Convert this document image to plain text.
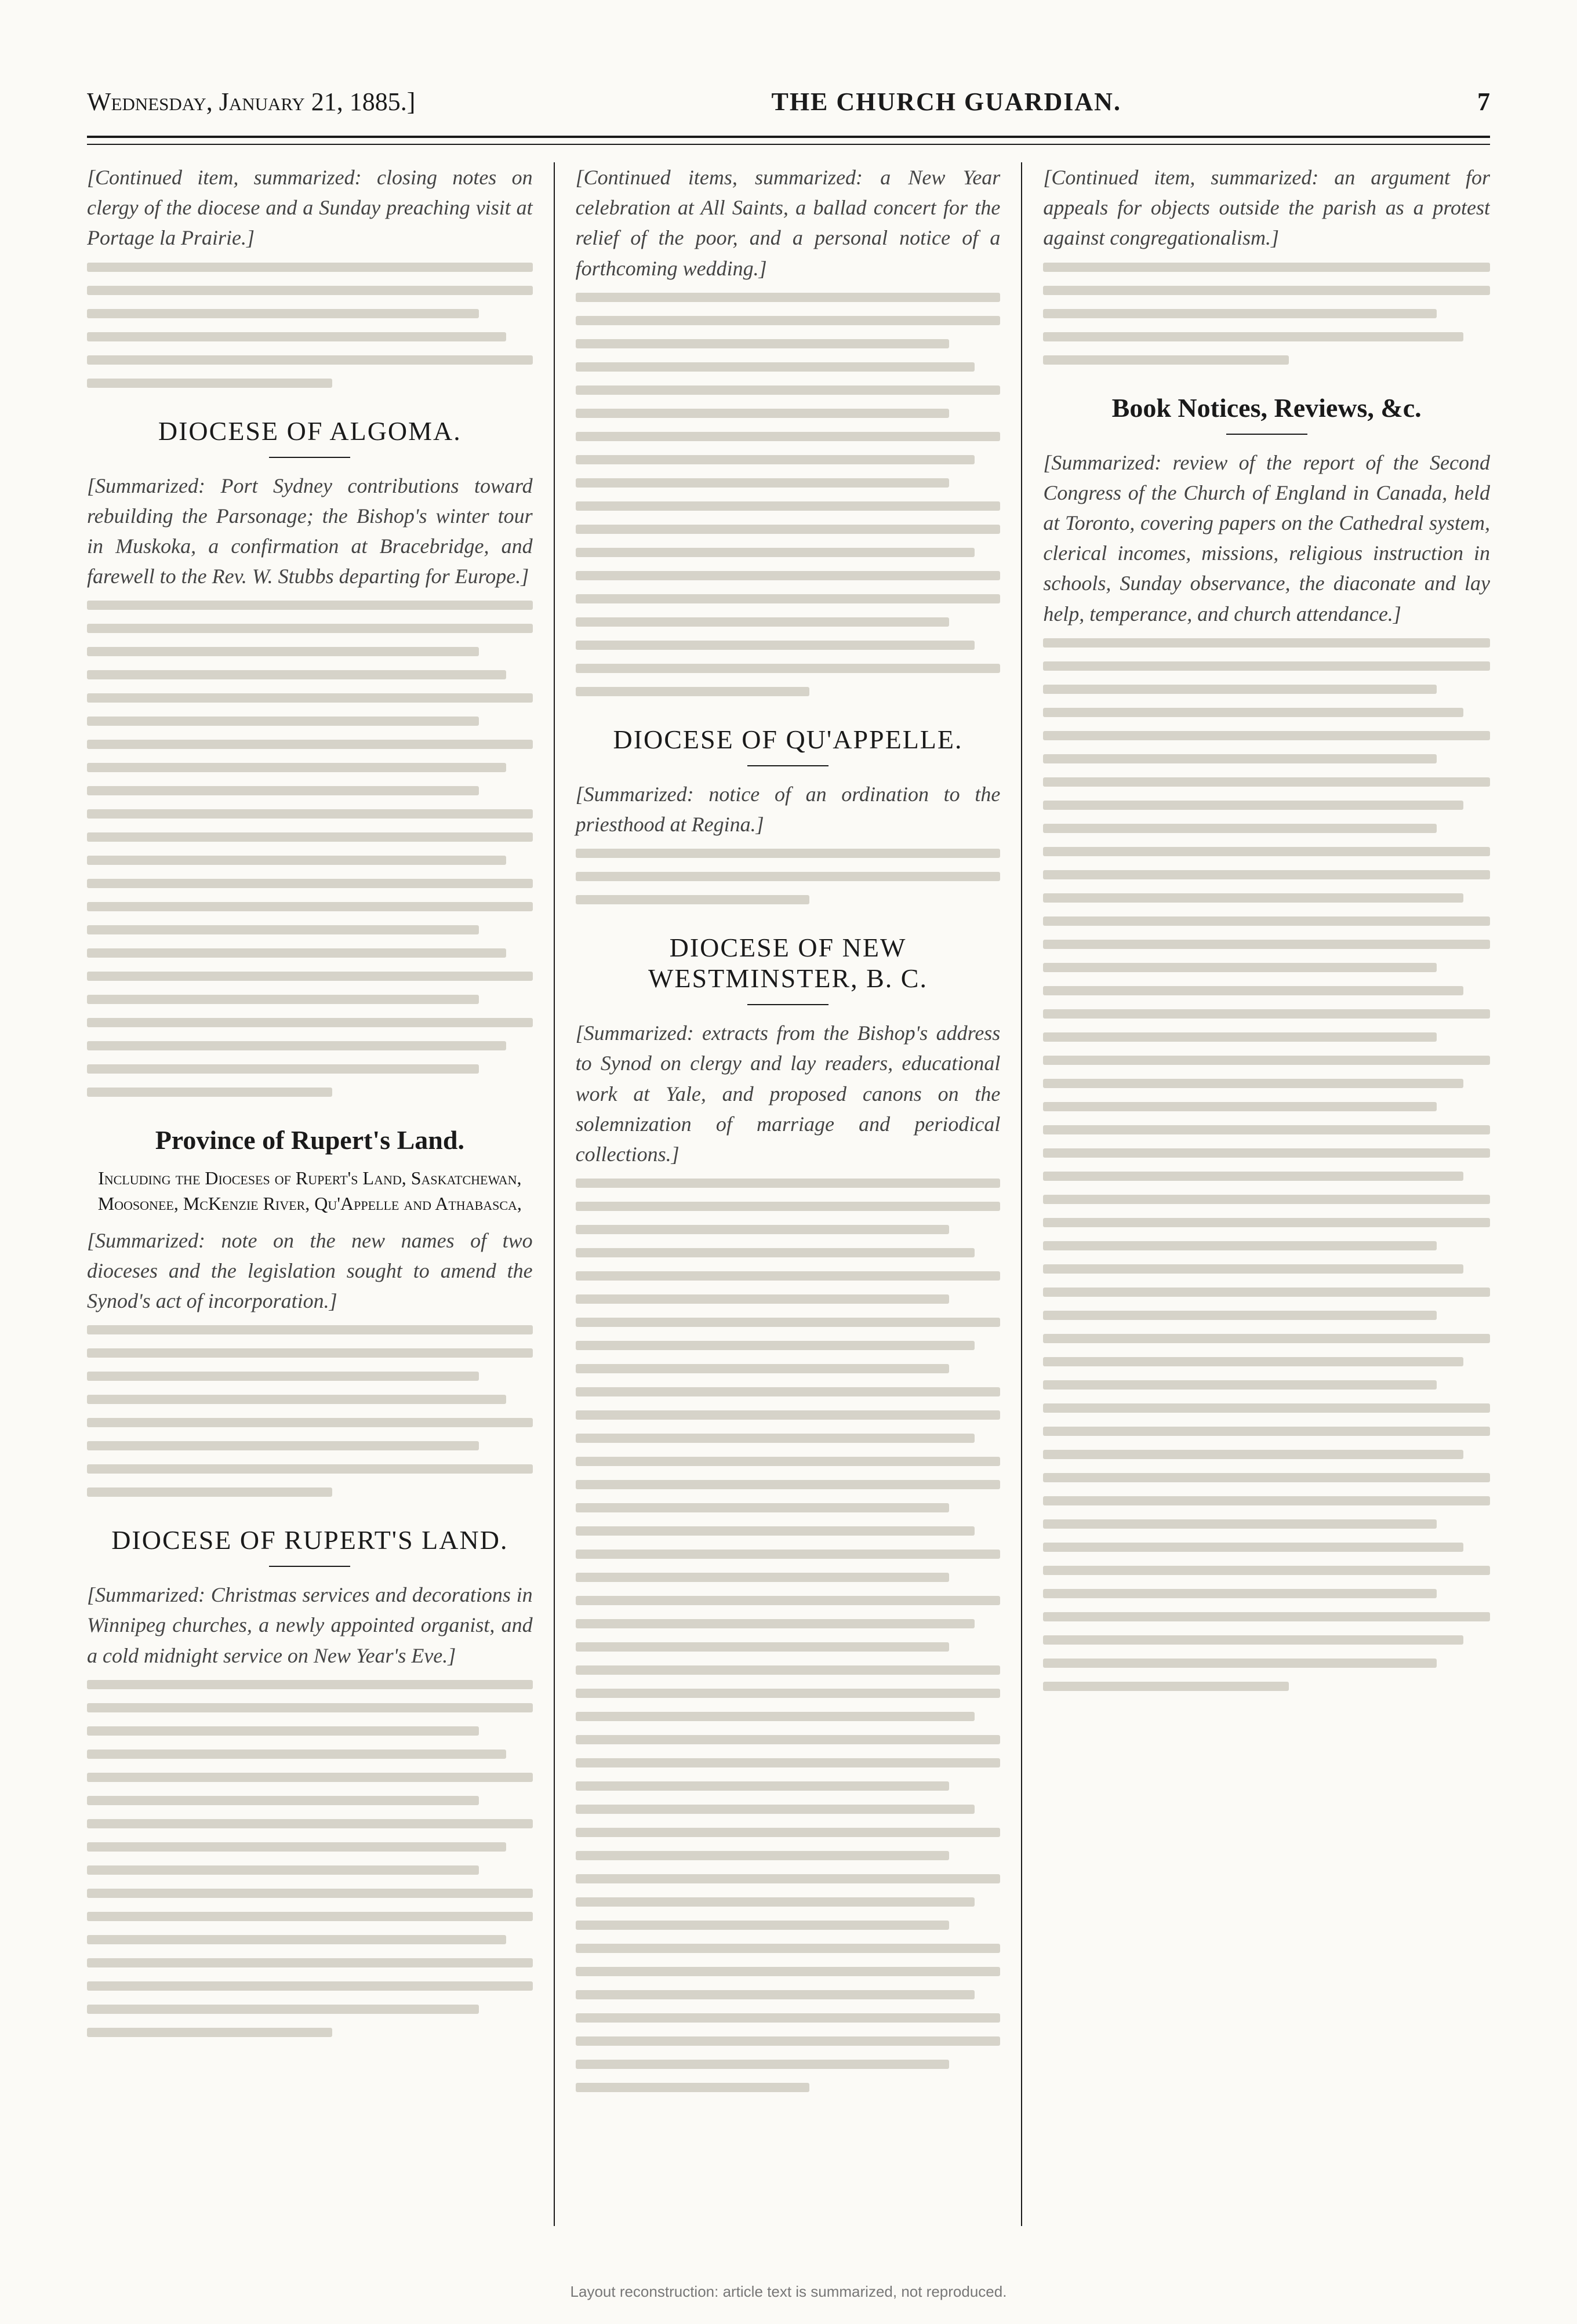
Wednesday, January 21, 1885.]	THE CHURCH GUARDIAN.	7
[Continued item, summarized: closing notes on clergy of the diocese and a Sunday preaching visit at Portage la Prairie.]
DIOCESE OF ALGOMA.
[Summarized: Port Sydney contributions toward rebuilding the Parsonage; the Bishop's winter tour in Muskoka, a confirmation at Bracebridge, and farewell to the Rev. W. Stubbs departing for Europe.]
Province of Rupert's Land.
Including the Dioceses of Rupert's Land, Saskatchewan, Moosonee, McKenzie River, Qu'Appelle and Athabasca,
[Summarized: note on the new names of two dioceses and the legislation sought to amend the Synod's act of incorporation.]
DIOCESE OF RUPERT'S LAND.
[Summarized: Christmas services and decorations in Winnipeg churches, a newly appointed organist, and a cold midnight service on New Year's Eve.]
[Continued items, summarized: a New Year celebration at All Saints, a ballad concert for the relief of the poor, and a personal notice of a forthcoming wedding.]
DIOCESE OF QU'APPELLE.
[Summarized: notice of an ordination to the priesthood at Regina.]
DIOCESE OF NEW WESTMINSTER, B. C.
[Summarized: extracts from the Bishop's address to Synod on clergy and lay readers, educational work at Yale, and proposed canons on the solemnization of marriage and periodical collections.]
[Continued item, summarized: an argument for appeals for objects outside the parish as a protest against congregationalism.]
Book Notices, Reviews, &c.
[Summarized: review of the report of the Second Congress of the Church of England in Canada, held at Toronto, covering papers on the Cathedral system, clerical incomes, missions, religious instruction in schools, Sunday observance, the diaconate and lay help, temperance, and church attendance.]
Layout reconstruction: article text is summarized, not reproduced.
